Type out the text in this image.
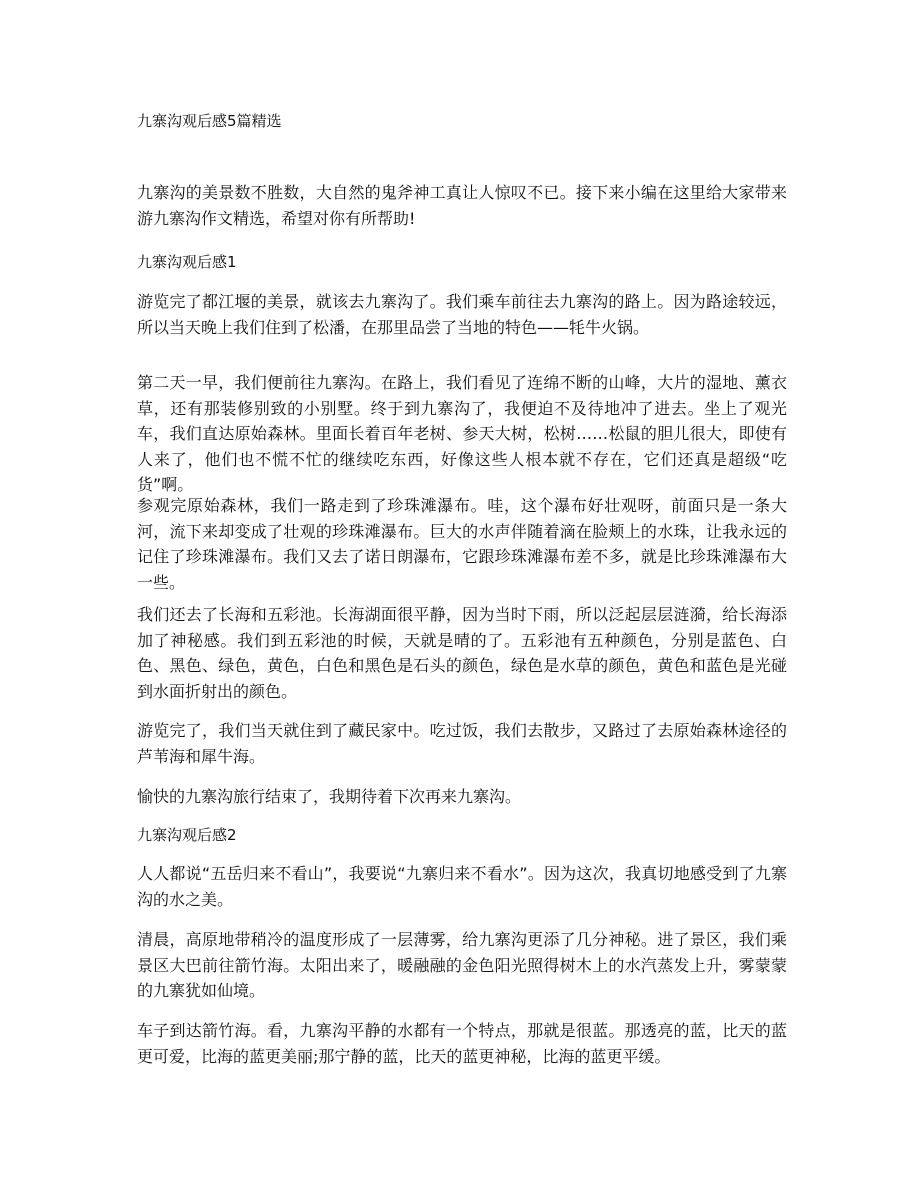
九寨沟观后感5篇精选

九寨沟的美景数不胜数，大自然的鬼斧神工真让人惊叹不已。接下来小编在这里给大家带来游九寨沟作文精选，希望对你有所帮助!

九寨沟观后感1

游览完了都江堰的美景，就该去九寨沟了。我们乘车前往去九寨沟的路上。因为路途较远，所以当天晚上我们住到了松潘，在那里品尝了当地的特色——牦牛火锅。

第二天一早，我们便前往九寨沟。在路上，我们看见了连绵不断的山峰，大片的湿地、薰衣草，还有那装修别致的小别墅。终于到九寨沟了，我便迫不及待地冲了进去。坐上了观光车，我们直达原始森林。里面长着百年老树、参天大树，松树……松鼠的胆儿很大，即使有人来了，他们也不慌不忙的继续吃东西，好像这些人根本就不存在，它们还真是超级“吃货”啊。

参观完原始森林，我们一路走到了珍珠滩瀑布。哇，这个瀑布好壮观呀，前面只是一条大河，流下来却变成了壮观的珍珠滩瀑布。巨大的水声伴随着滴在脸颊上的水珠，让我永远的记住了珍珠滩瀑布。我们又去了诺日朗瀑布，它跟珍珠滩瀑布差不多，就是比珍珠滩瀑布大一些。

我们还去了长海和五彩池。长海湖面很平静，因为当时下雨，所以泛起层层涟漪，给长海添加了神秘感。我们到五彩池的时候，天就是晴的了。五彩池有五种颜色，分别是蓝色、白色、黑色、绿色，黄色，白色和黑色是石头的颜色，绿色是水草的颜色，黄色和蓝色是光碰到水面折射出的颜色。

游览完了，我们当天就住到了藏民家中。吃过饭，我们去散步，又路过了去原始森林途径的芦苇海和犀牛海。

愉快的九寨沟旅行结束了，我期待着下次再来九寨沟。

九寨沟观后感2

人人都说“五岳归来不看山”，我要说“九寨归来不看水”。因为这次，我真切地感受到了九寨沟的水之美。

清晨，高原地带稍冷的温度形成了一层薄雾，给九寨沟更添了几分神秘。进了景区，我们乘景区大巴前往箭竹海。太阳出来了，暖融融的金色阳光照得树木上的水汽蒸发上升，雾蒙蒙的九寨犹如仙境。

车子到达箭竹海。看，九寨沟平静的水都有一个特点，那就是很蓝。那透亮的蓝，比天的蓝更可爱，比海的蓝更美丽;那宁静的蓝，比天的蓝更神秘，比海的蓝更平缓。
